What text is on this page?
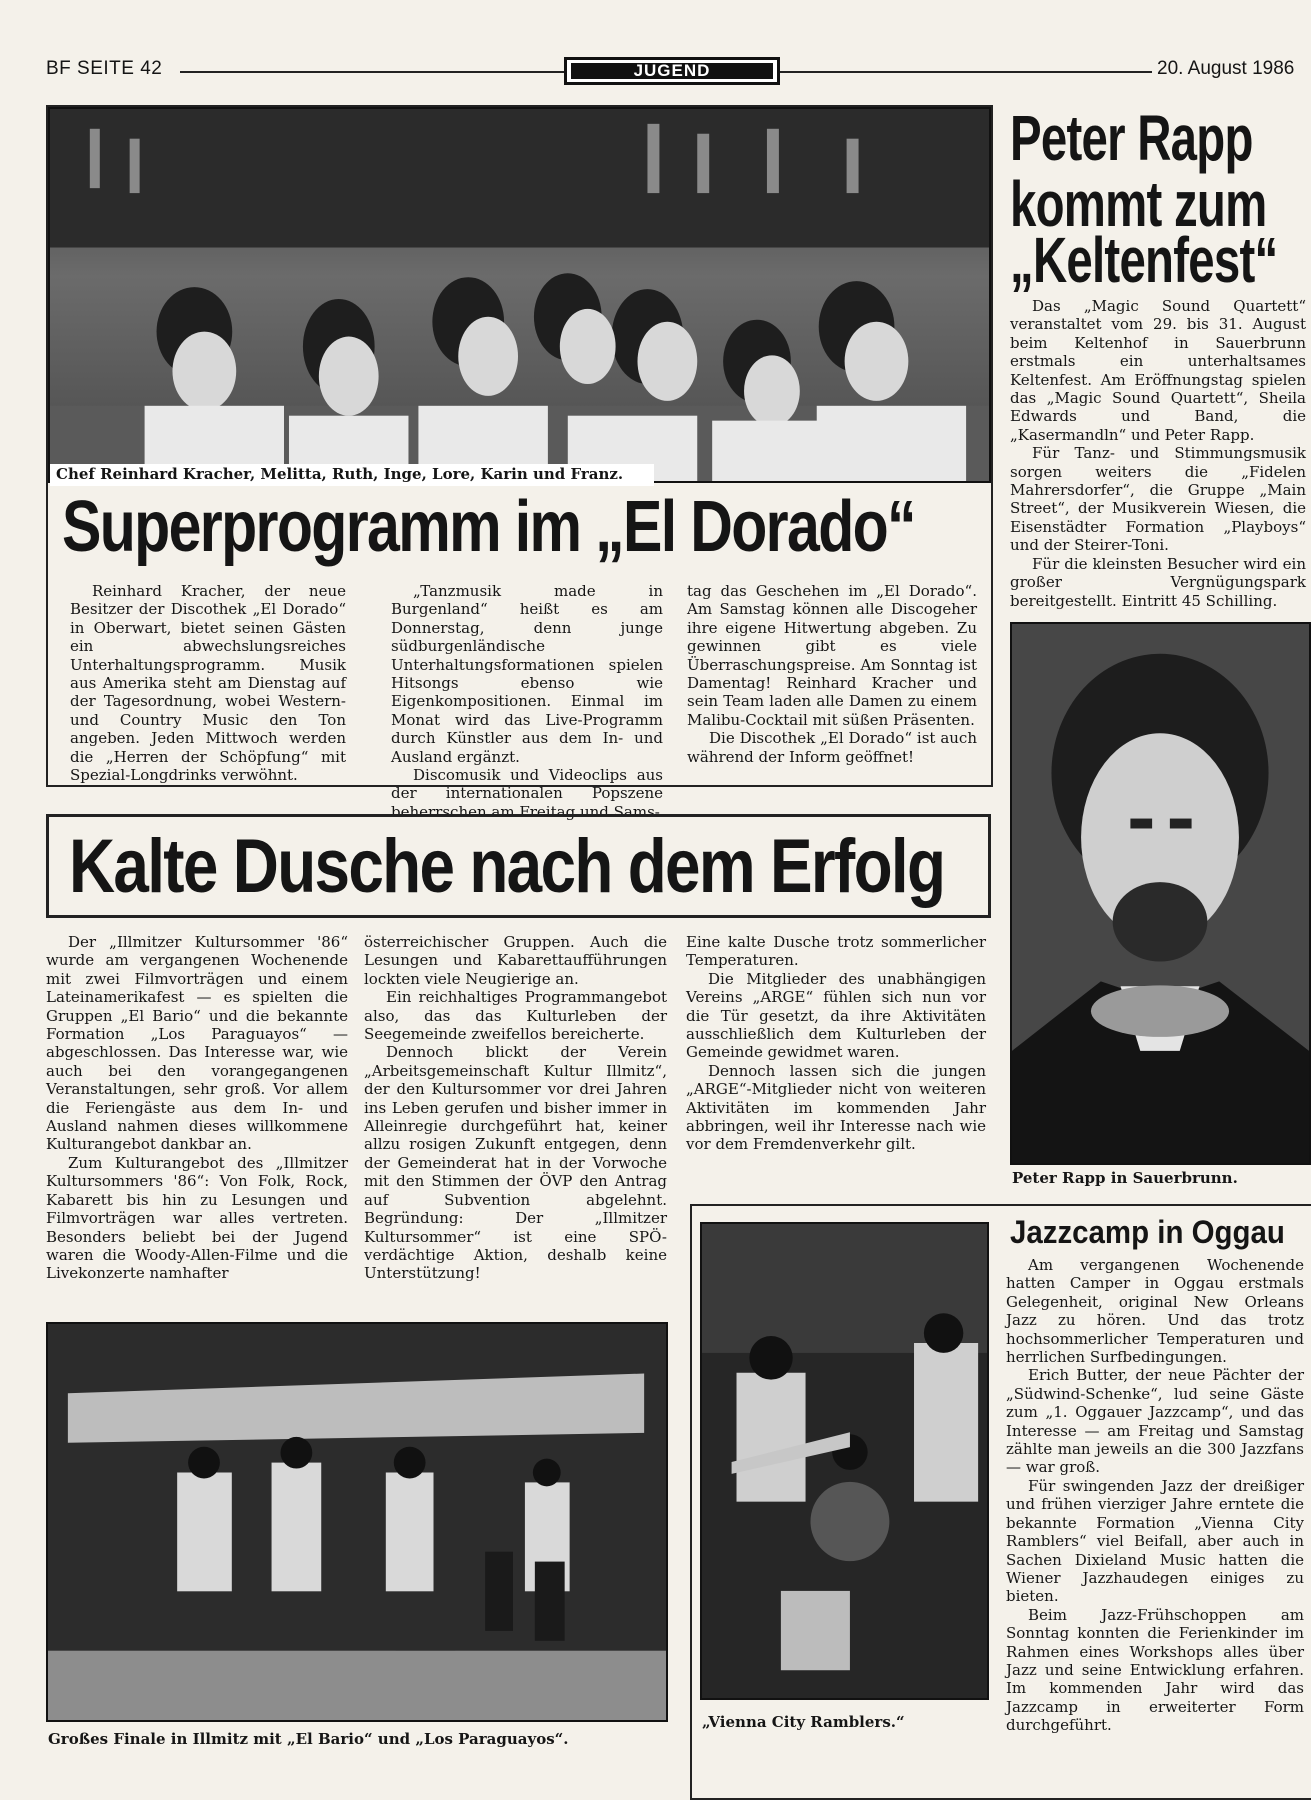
BF SEITE 42	JUGEND	20. August 1986
Chef Reinhard Kracher, Melitta, Ruth, Inge, Lore, Karin und Franz.
Superprogramm im „El Dorado“

Reinhard Kracher, der neue Besitzer der Discothek „El Dorado“ in Oberwart, bietet seinen Gästen ein abwechslungsreiches Unterhaltungsprogramm. Musik aus Amerika steht am Dienstag auf der Tagesordnung, wobei Western- und Country Music den Ton angeben. Jeden Mittwoch werden die „Herren der Schöpfung“ mit Spezial-Longdrinks verwöhnt.

„Tanzmusik made in Burgenland“ heißt es am Donnerstag, denn junge südburgenländische Unterhaltungsformationen spielen Hitsongs ebenso wie Eigenkompositionen. Einmal im Monat wird das Live-Programm durch Künstler aus dem In- und Ausland ergänzt.

Discomusik und Videoclips aus der internationalen Popszene beherrschen am Freitag und Sams-

tag das Geschehen im „El Dorado“. Am Samstag können alle Discogeher ihre eigene Hitwertung abgeben. Zu gewinnen gibt es viele Überraschungspreise. Am Sonntag ist Damentag! Reinhard Kracher und sein Team laden alle Damen zu einem Malibu-Cocktail mit süßen Präsenten.

Die Discothek „El Dorado“ ist auch während der Inform geöffnet!

Peter Rapp
kommt zum
„Keltenfest“

Das „Magic Sound Quartett“ veranstaltet vom 29. bis 31. August beim Keltenhof in Sauerbrunn erstmals ein unterhaltsames Keltenfest. Am Eröffnungstag spielen das „Magic Sound Quartett“, Sheila Edwards und Band, die „Kasermandln“ und Peter Rapp.

Für Tanz- und Stimmungsmusik sorgen weiters die „Fidelen Mahrersdorfer“, die Gruppe „Main Street“, der Musikverein Wiesen, die Eisenstädter Formation „Playboys“ und der Steirer-Toni.

Für die kleinsten Besucher wird ein großer Vergnügungspark bereitgestellt. Eintritt 45 Schilling.

Peter Rapp in Sauerbrunn.
Kalte Dusche nach dem Erfolg

Der „Illmitzer Kultursommer '86“ wurde am vergangenen Wochenende mit zwei Filmvorträgen und einem Lateinamerikafest — es spielten die Gruppen „El Bario“ und die bekannte Formation „Los Paraguayos“ — abgeschlossen. Das Interesse war, wie auch bei den vorangegangenen Veranstaltungen, sehr groß. Vor allem die Feriengäste aus dem In- und Ausland nahmen dieses willkommene Kulturangebot dankbar an.

Zum Kulturangebot des „Illmitzer Kultursommers '86“: Von Folk, Rock, Kabarett bis hin zu Lesungen und Filmvorträgen war alles vertreten. Besonders beliebt bei der Jugend waren die Woody-Allen-Filme und die Livekonzerte namhafter

österreichischer Gruppen. Auch die Lesungen und Kabarettaufführungen lockten viele Neugierige an.

Ein reichhaltiges Programmangebot also, das das Kulturleben der Seegemeinde zweifellos bereicherte.

Dennoch blickt der Verein „Arbeitsgemeinschaft Kultur Illmitz“, der den Kultursommer vor drei Jahren ins Leben gerufen und bisher immer in Alleinregie durchgeführt hat, keiner allzu rosigen Zukunft entgegen, denn der Gemeinderat hat in der Vorwoche mit den Stimmen der ÖVP den Antrag auf Subvention abgelehnt. Begründung: Der „Illmitzer Kultursommer“ ist eine SPÖ-verdächtige Aktion, deshalb keine Unterstützung!

Eine kalte Dusche trotz sommerlicher Temperaturen.

Die Mitglieder des unabhängigen Vereins „ARGE“ fühlen sich nun vor die Tür gesetzt, da ihre Aktivitäten ausschließlich dem Kulturleben der Gemeinde gewidmet waren.

Dennoch lassen sich die jungen „ARGE“-Mitglieder nicht von weiteren Aktivitäten im kommenden Jahr abbringen, weil ihr Interesse nach wie vor dem Fremdenverkehr gilt.

Großes Finale in Illmitz mit „El Bario“ und „Los Paraguayos“.
„Vienna City Ramblers.“
Jazzcamp in Oggau

Am vergangenen Wochenende hatten Camper in Oggau erstmals Gelegenheit, original New Orleans Jazz zu hören. Und das trotz hochsommerlicher Temperaturen und herrlichen Surfbedingungen.

Erich Butter, der neue Pächter der „Südwind-Schenke“, lud seine Gäste zum „1. Oggauer Jazzcamp“, und das Interesse — am Freitag und Samstag zählte man jeweils an die 300 Jazzfans — war groß.

Für swingenden Jazz der dreißiger und frühen vierziger Jahre erntete die bekannte Formation „Vienna City Ramblers“ viel Beifall, aber auch in Sachen Dixieland Music hatten die Wiener Jazzhaudegen einiges zu bieten.

Beim Jazz-Frühschoppen am Sonntag konnten die Ferienkinder im Rahmen eines Workshops alles über Jazz und seine Entwicklung erfahren. Im kommenden Jahr wird das Jazzcamp in erweiterter Form durchgeführt.
